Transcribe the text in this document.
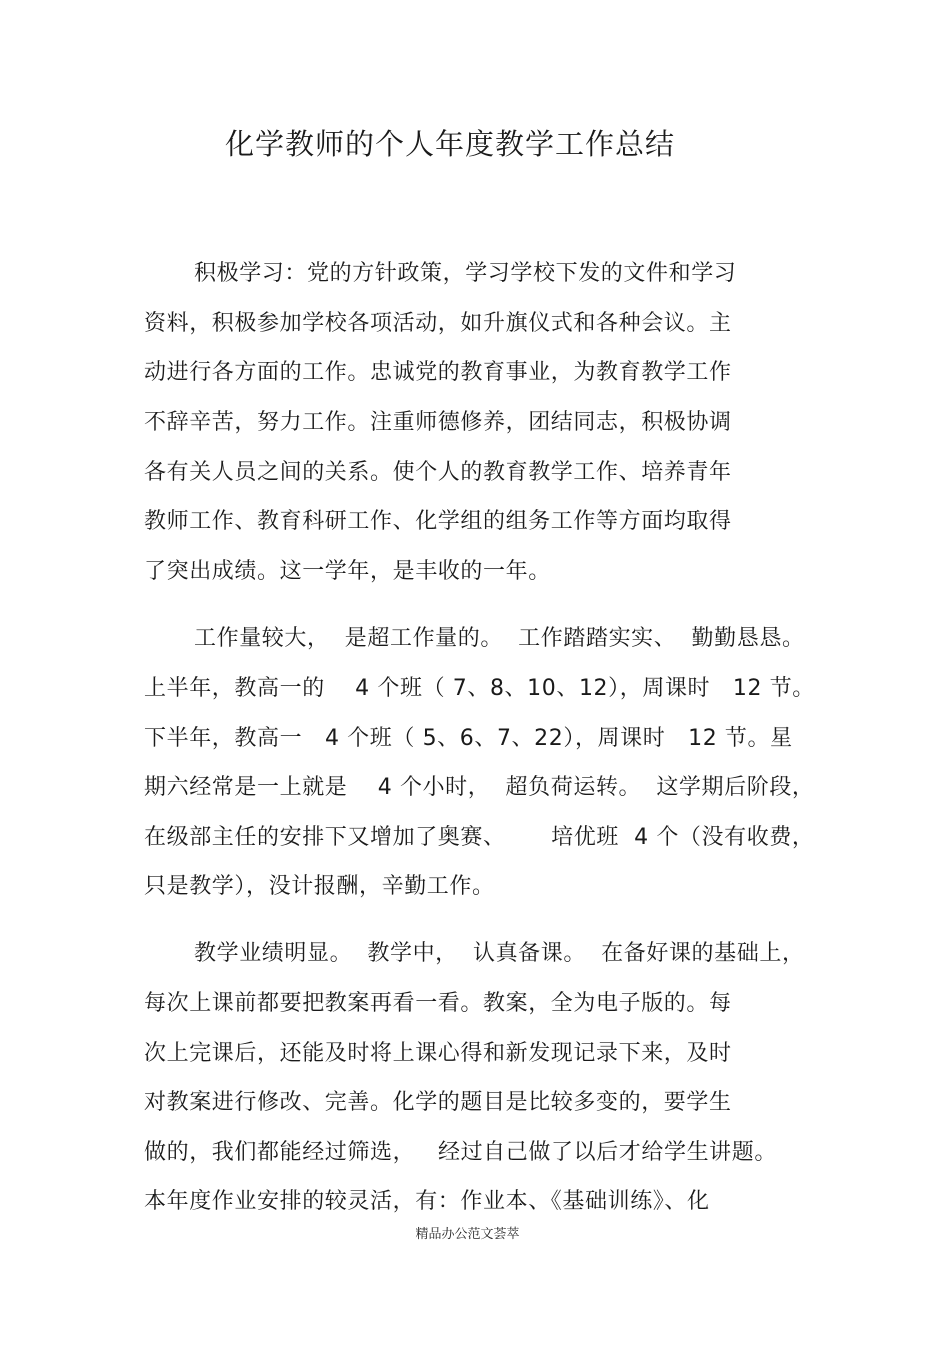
化学教师的个人年度教学工作总结
积极学习：党的方针政策，学习学校下发的文件和学习
资料，积极参加学校各项活动，如升旗仪式和各种会议。主
动进行各方面的工作。忠诚党的教育事业，为教育教学工作
不辞辛苦，努力工作。注重师德修养，团结同志，积极协调
各有关人员之间的关系。使个人的教育教学工作、培养青年
教师工作、教育科研工作、化学组的组务工作等方面均取得
了突出成绩。这一学年，是丰收的一年。
工作量较大，  是超工作量的。  工作踏踏实实、  勤勤恳恳。
上半年，教高一的    4 个班（ 7、8、10、12），周课时   12 节。
下半年，教高一   4 个班（ 5、6、7、22），周课时   12 节。星
期六经常是一上就是    4 个小时，  超负荷运转。  这学期后阶段，
在级部主任的安排下又增加了奥赛、      培优班  4 个（没有收费，
只是教学），没计报酬，辛勤工作。
教学业绩明显。  教学中，  认真备课。  在备好课的基础上，
每次上课前都要把教案再看一看。教案，全为电子版的。每
次上完课后，还能及时将上课心得和新发现记录下来，及时
对教案进行修改、完善。化学的题目是比较多变的，要学生
做的，我们都能经过筛选，   经过自己做了以后才给学生讲题。
本年度作业安排的较灵活，有：作业本、《基础训练》、化
精品办公范文荟萃
